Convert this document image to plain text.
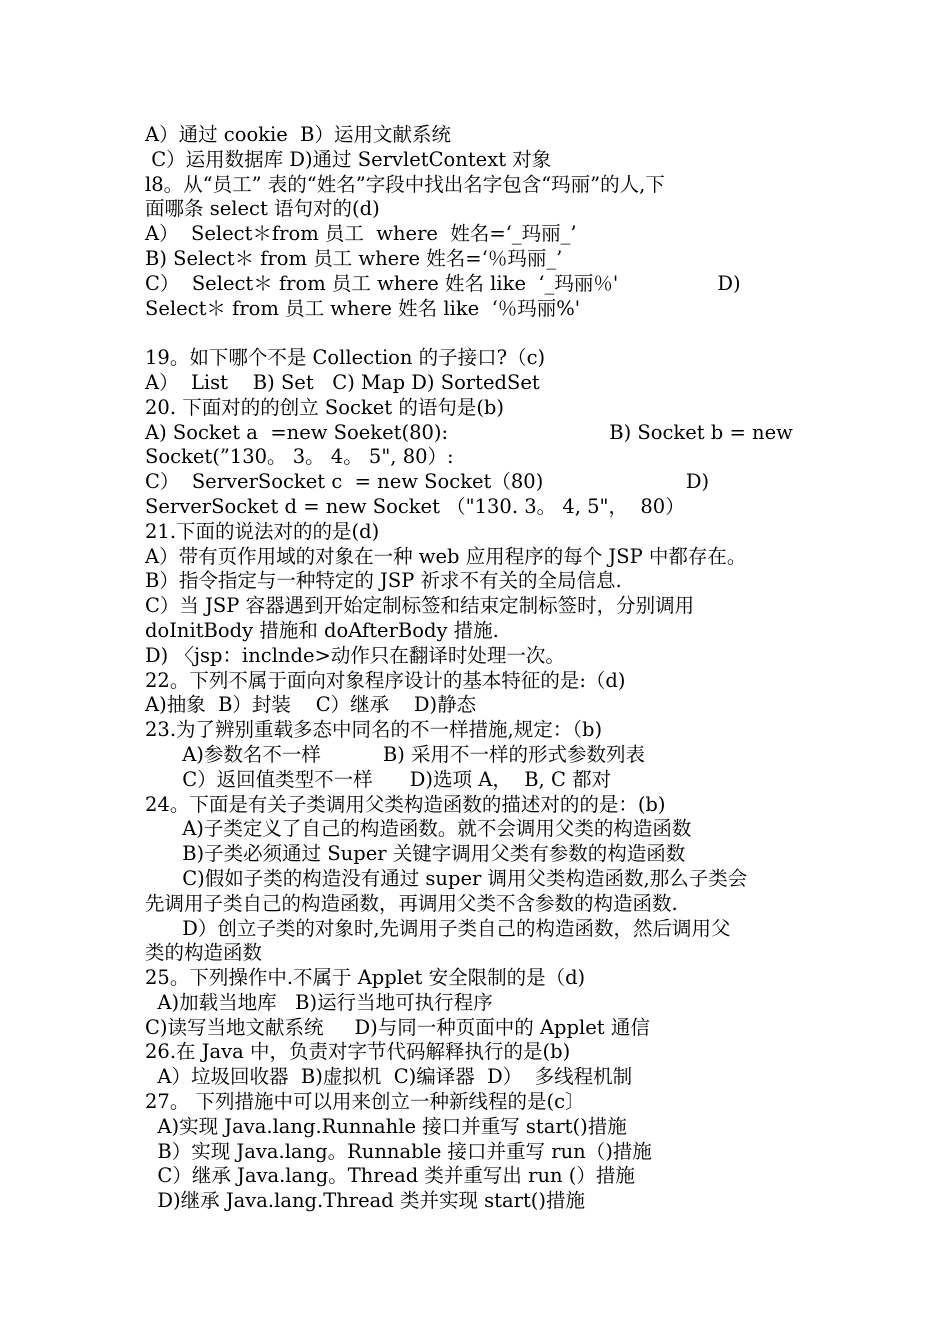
A）通过 cookie  B）运用文献系统
C）运用数据库 D)通过 ServletContext 对象
l8。从“员工” 表的“姓名”字段中找出名字包含“玛丽”的人,下
面哪条 select 语句对的(d)
A）  Select＊from 员工  where  姓名=‘_玛丽_’
B) Select＊ from 员工 where 姓名=‘％玛丽_’
C）  Select＊ from 员工 where 姓名 like  ‘_玛丽％'                D)
Select＊ from 员工 where 姓名 like  ‘％玛丽%'
19。如下哪个不是 Collection 的子接口?（c)
A）  List    B) Set   C) Map D) SortedSet
20. 下面对的的创立 Socket 的语句是(b)
A) Socket a  =new Soeket(80):                          B) Socket b = new
Socket(”130。 3。 4。 5", 80）:
C）  ServerSocket c  = new Socket（80)                       D)
ServerSocket d = new Socket （"130. 3。 4, 5"，  80）
21.下面的说法对的的是(d)
A）带有页作用域的对象在一种 web 应用程序的每个 JSP 中都存在。
B）指令指定与一种特定的 JSP 祈求不有关的全局信息.
C）当 JSP 容器遇到开始定制标签和结束定制标签时，分别调用
doInitBody 措施和 doAfterBody 措施.
D) 〈jsp：inclnde>动作只在翻译时处理一次。
22。下列不属于面向对象程序设计的基本特征的是:（d)
A)抽象  B）封装    C）继承    D)静态
23.为了辨别重载多态中同名的不一样措施,规定：（b)
A)参数名不一样          B) 采用不一样的形式参数列表
C）返回值类型不一样      D)选项 A，  B, C 都对
24。下面是有关子类调用父类构造函数的描述对的的是：(b)
A)子类定义了自己的构造函数。就不会调用父类的构造函数
B)子类必须通过 Super 关键字调用父类有参数的构造函数
C)假如子类的构造没有通过 super 调用父类构造函数,那么子类会
先调用子类自己的构造函数，再调用父类不含参数的构造函数.
D）创立子类的对象时,先调用子类自己的构造函数，然后调用父
类的构造函数
25。下列操作中.不属于 Applet 安全限制的是（d)
A)加载当地库   B)运行当地可执行程序
C)读写当地文献系统     D)与同一种页面中的 Applet 通信
26.在 Java 中，负责对字节代码解释执行的是(b)
A）垃圾回收器  B)虚拟机  C)编译器  D）  多线程机制
27。 下列措施中可以用来创立一种新线程的是(c〕
A)实现 Java.lang.Runnahle 接口并重写 start()措施
B）实现 Java.lang。Runnable 接口并重写 run（)措施
C）继承 Java.lang。Thread 类并重写出 run (）措施
D)继承 Java.lang.Thread 类并实现 start()措施
